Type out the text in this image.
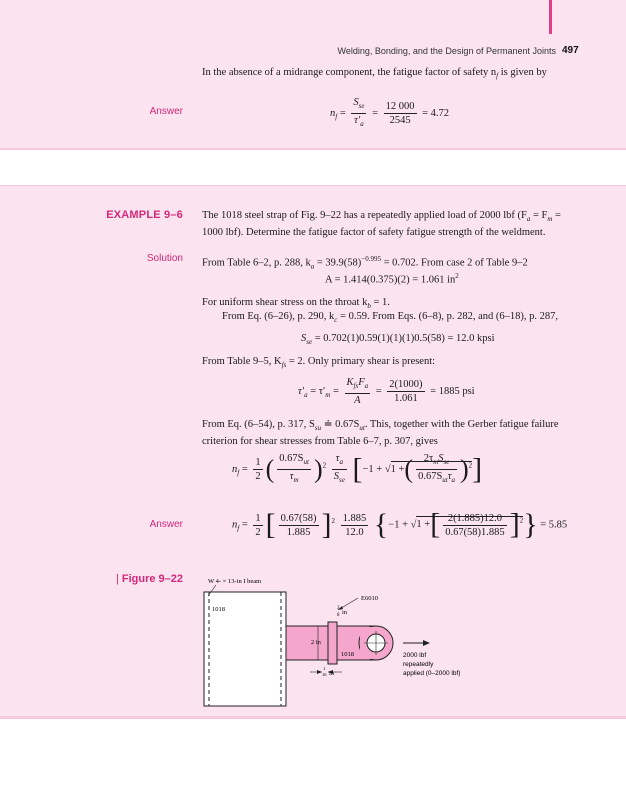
Welding, Bonding, and the Design of Permanent Joints 497
In the absence of a midrange component, the fatigue factor of safety $n_f$ is given by
Answer	$n_f = \frac{S_{se}}{\tau'_a} = \frac{12 000}{2545} = 4.72$
EXAMPLE 9–6 The 1018 steel strap of Fig. 9–22 has a repeatedly applied load of 2000 lbf ($F_a = F_m = 1000$ lbf). Determine the fatigue factor of safety fatigue strength of the weldment.
Solution From Table 6–2, p. 288, $k_a = 39.9(58)^{-0.995} = 0.702$. From case 2 of Table 9–2
A = 1.414(0.375)(2) = 1.061 $in^2$
For uniform shear stress on the throat $k_b = 1$.
From Eq. (6–26), p. 290, $k_c = 0.59$. From Eqs. (6–8), p. 282, and (6–18), p. 287,
$S_{se} = 0.702(1)0.59(1)(1)(1)0.5(58) = 12.0$ kpsi
From Table 9–5, $K_{fs} = 2$. Only primary shear is present:
$\tau'_a = \tau'_m = \frac{K_{fs}F_a}{A} = \frac{2(1000)}{1.061} = 1885$ psi
From Eq. (6–54), p. 317, $S_{su}$ ≐ $0.67S_{ut}$. This, together with the Gerber fatigue failure criterion for shear stresses from Table 6–7, p. 307, gives
$n_f = \frac{1}{2}$ ( $\frac{0.67S_{ut}}{\tau_m} )^2 \frac{\tau_a}{S_{se}} [-1 + √1$ +( $\frac{2\tau_mS_{se}}{0.67S_{ut}\tau_a} )^2$]
Answer	$n_f = \frac{1}{2}$ [ $\frac{0.67(58)}{1.885} ]^2 \frac{1.885}{12.0} \{-1 + √1$ +[ $\frac{2(1.885)12.0}{0.67(58)1.885} ]^2\} = 5.85$
| Figure 9–22	W 4- × 13-in I beam
1018
E6010
3
8 in
2 in
1018	2000 lbf
repeatedly
applied (0–2000 lbf)
1
16 in
